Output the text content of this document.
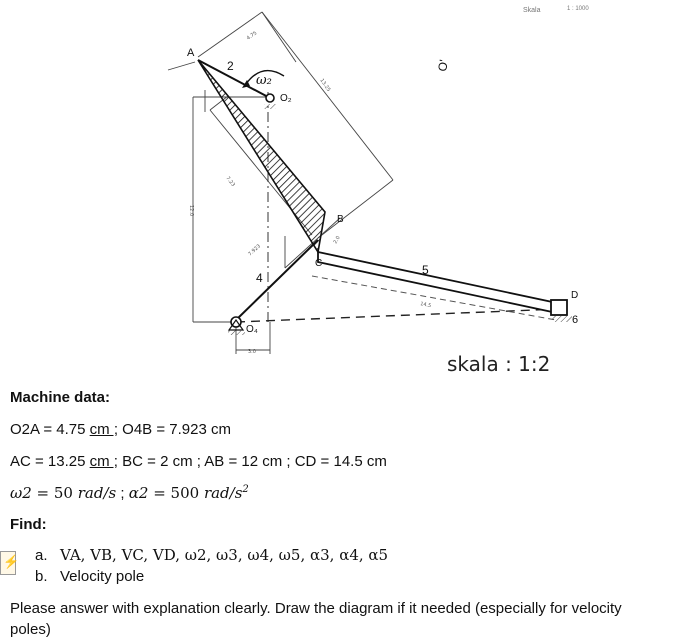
4.75
13.25
7.23
12.0
7.923
2.0
14.5
3.0
A
B
C
D
O₂
O₄
O'
2
4
5
6
ω₂
Skala	1 : 1000
skala : 1:2
Machine data:
O2A = 4.75 cm ; O4B = 7.923 cm
AC = 13.25 cm ; BC = 2 cm ; AB = 12 cm ; CD = 14.5 cm
ω2 = 50 rad/s ; α2 = 500 rad/$s^2$
Find:
⚡ a. VA, VB, VC, VD, ω2, ω3, ω4, ω5, α3, α4, α5
b. Velocity pole
Please answer with explanation clearly. Draw the diagram if it needed (especially for velocity
poles)
